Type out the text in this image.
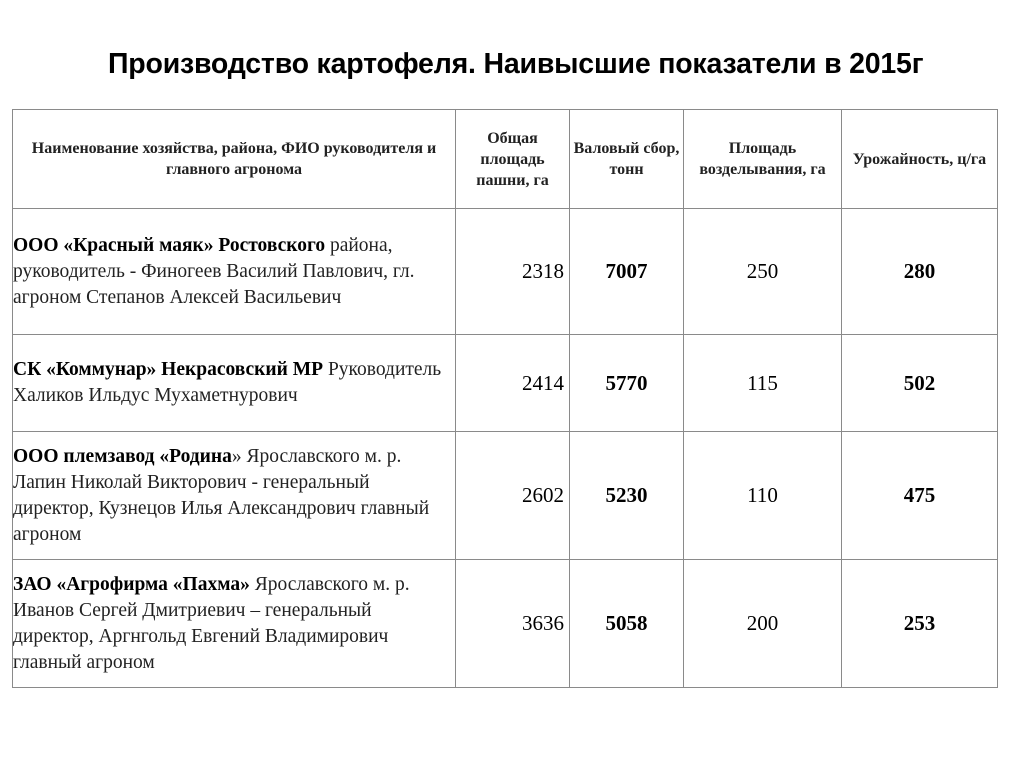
Производство картофеля. Наивысшие показатели в 2015г
Наименование хозяйства, района, ФИО руководителя и главного агронома	Общая площадь пашни, га	Валовый сбор, тонн	Площадь возделывания, га	Урожайность, ц/га
ООО «Красный маяк» Ростовского района, руководитель - Финогеев Василий Павлович, гл. агроном Степанов Алексей Васильевич	2318	7007	250	280
СК «Коммунар» Некрасовский МР Руководитель Халиков Ильдус Мухаметнурович	2414	5770	115	502
ООО племзавод «Родина» Ярославского м. р. Лапин Николай Викторович - генеральный директор, Кузнецов Илья Александрович главный агроном	2602	5230	110	475
ЗАО «Агрофирма «Пахма» Ярославского м. р. Иванов Сергей Дмитриевич – генеральный директор, Аргнгольд Евгений Владимирович главный агроном	3636	5058	200	253
